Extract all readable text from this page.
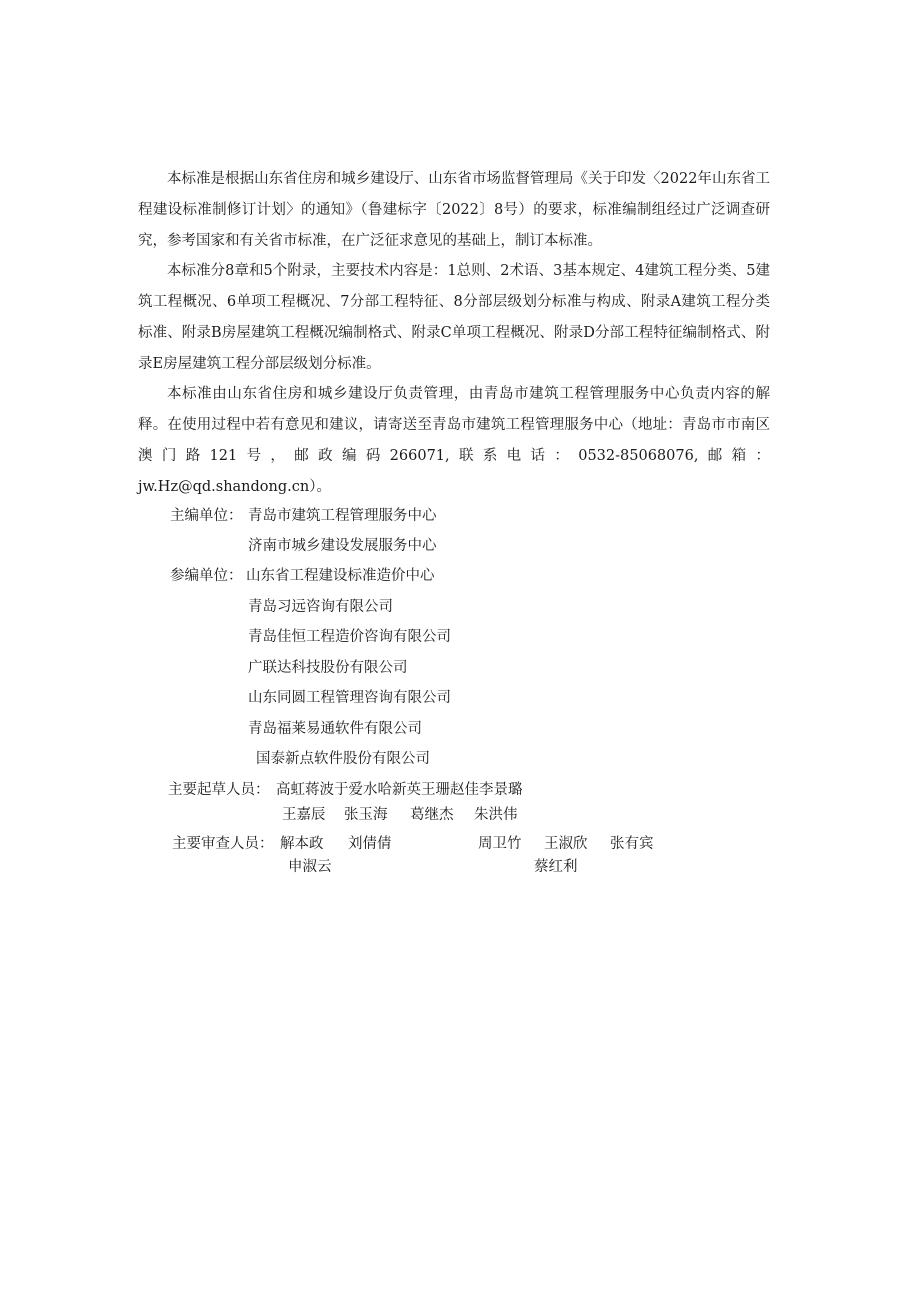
本标准是根据山东省住房和城乡建设厅、山东省市场监督管理局《关于印发〈2022年山东省工程建设标准制修订计划〉的通知》（鲁建标字〔2022〕8号）的要求，标准编制组经过广泛调查研究，参考国家和有关省市标准，在广泛征求意见的基础上，制订本标准。

本标准分8章和5个附录，主要技术内容是：1总则、2术语、3基本规定、4建筑工程分类、5建筑工程概况、6单项工程概况、7分部工程特征、8分部层级划分标准与构成、附录A建筑工程分类标准、附录B房屋建筑工程概况编制格式、附录C单项工程概况、附录D分部工程特征编制格式、附录E房屋建筑工程分部层级划分标准。

本标准由山东省住房和城乡建设厅负责管理，由青岛市建筑工程管理服务中心负责内容的解释。在使用过程中若有意见和建议，请寄送至青岛市建筑工程管理服务中心（地址：青岛市市南区澳门路121号，邮政编码266071,联系电话：0532-85068076,邮箱：jw.Hz@qd.shandong.cn）。

主编单位： 青岛市建筑工程管理服务中心
济南市城乡建设发展服务中心
参编单位： 山东省工程建设标准造价中心
青岛习远咨询有限公司
青岛佳恒工程造价咨询有限公司
广联达科技股份有限公司
山东同圆工程管理咨询有限公司
青岛福莱易通软件有限公司
国泰新点软件股份有限公司
主要起草人员： 高虹蒋波于爱水哈新英王珊赵佳李景璐
王嘉辰 张玉海 葛继杰 朱洪伟
主要审查人员： 解本政 刘倩倩	周卫竹 王淑欣 张有宾
申淑云	蔡红利
